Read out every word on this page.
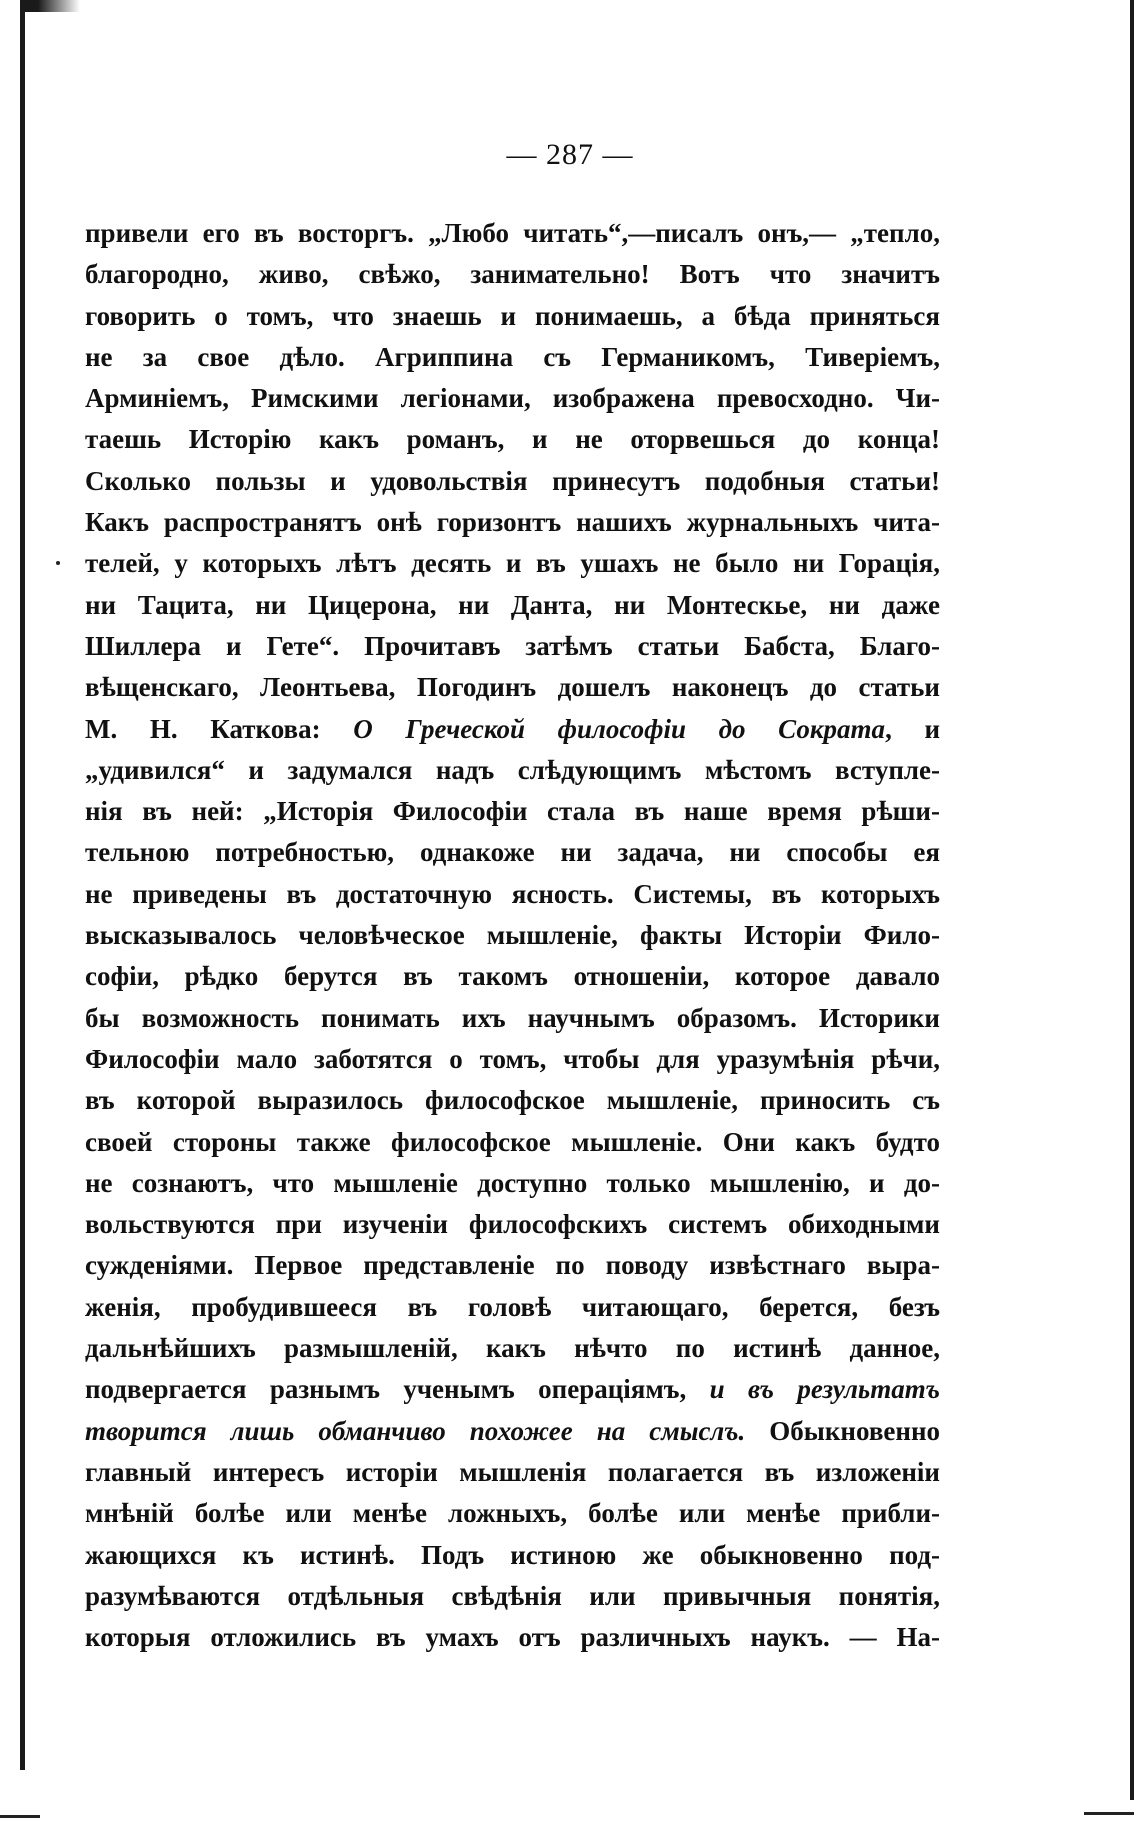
— 287 —
привели его въ восторгъ. „Любо читать“,—писалъ онъ,— „тепло,
благородно, живо, свѣжо, занимательно! Вотъ что значитъ
говорить о томъ, что знаешь и понимаешь, а бѣда приняться
не за свое дѣло. Агриппина съ Германикомъ, Тиверіемъ,
Арминіемъ, Римскими легіонами, изображена превосходно. Чи-
таешь Исторію какъ романъ, и не оторвешься до конца!
Сколько пользы и удовольствія принесутъ подобныя статьи!
Какъ распространятъ онѣ горизонтъ нашихъ журнальныхъ чита-
телей, у которыхъ лѣтъ десять и въ ушахъ не было ни Горація,
ни Тацита, ни Цицерона, ни Данта, ни Монтескье, ни даже
Шиллера и Гете“. Прочитавъ затѣмъ статьи Бабста, Благо-
вѣщенскаго, Леонтьева, Погодинъ дошелъ наконецъ до статьи
М. Н. Каткова: О Греческой философіи до Сократа, и
„удивился“ и задумался надъ слѣдующимъ мѣстомъ вступле-
нія въ ней: „Исторія Философіи стала въ наше время рѣши-
тельною потребностью, однакоже ни задача, ни способы ея
не приведены въ достаточную ясность. Системы, въ которыхъ
высказывалось человѣческое мышленіе, факты Исторіи Фило-
софіи, рѣдко берутся въ такомъ отношеніи, которое давало
бы возможность понимать ихъ научнымъ образомъ. Историки
Философіи мало заботятся о томъ, чтобы для уразумѣнія рѣчи,
въ которой выразилось философское мышленіе, приносить съ
своей стороны также философское мышленіе. Они какъ будто
не сознаютъ, что мышленіе доступно только мышленію, и до-
вольствуются при изученіи философскихъ системъ обиходными
сужденіями. Первое представленіе по поводу извѣстнаго выра-
женія, пробудившееся въ головѣ читающаго, берется, безъ
дальнѣйшихъ размышленій, какъ нѣчто по истинѣ данное,
подвергается разнымъ ученымъ операціямъ, и въ результатъ
творится лишь обманчиво похожее на смыслъ. Обыкновенно
главный интересъ исторіи мышленія полагается въ изложеніи
мнѣній болѣе или менѣе ложныхъ, болѣе или менѣе прибли-
жающихся къ истинѣ. Подъ истиною же обыкновенно под-
разумѣваются отдѣльныя свѣдѣнія или привычныя понятія,
которыя отложились въ умахъ отъ различныхъ наукъ. — На-
